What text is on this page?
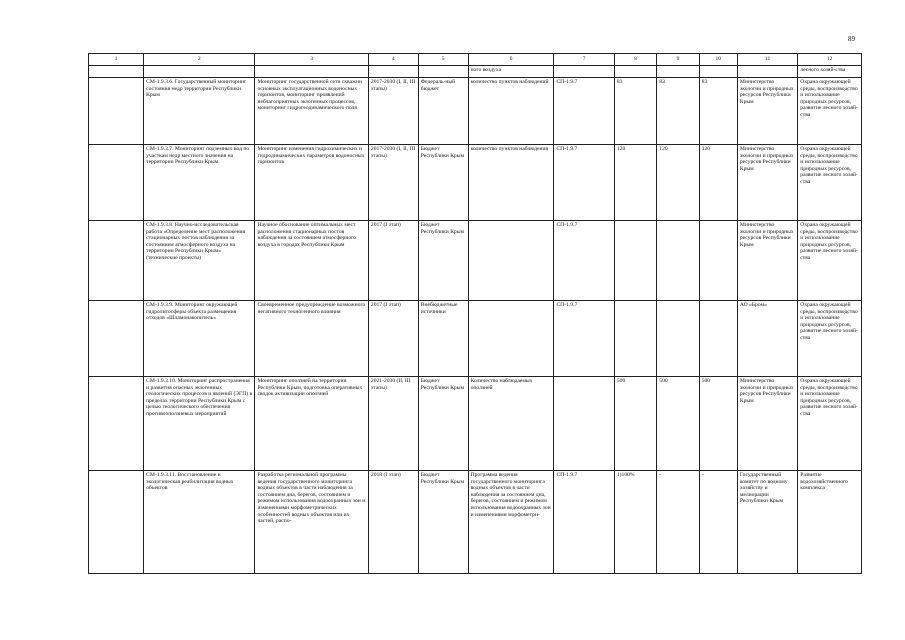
89
1	2	3	4	5	6	7	8	9	10	11	12
					ного воздуха						лесного хозяй-ства
	СМ-1.9.3.6. Государственный мониторинг состояния недр территории Республики Крым	Мониторинг государственной сети скважин основных эксплуатационных водоносных горизонтов, мониторинг проявлений неблагоприятных экзогенных процессов, мониторинг гидрогеодинамического поля	2017-2030 (I, II, III этапы)	Федераль-ный бюджет	количество пунктов наблюдений	СП-1.9.7	83	83	83	Министерство экологии и природных ресурсов Республики Крым	Охрана окружающей среды, воспроизводство и использование природных ресурсов, развитие лесного хозяй-ства
	СМ-1.9.3.7. Мониторинг подземных вод по участкам недр местного значения на территории Республики Крым	Мониторинг изменения гидрохимических и гидродинамических параметров водоносных горизонтов	2017-2030 (I, II, III этапы)	Бюджет Республики Крым	количество пунктов наблюдения	СП-1.9.7	120	120	120	Министерство экологии и природных ресурсов Республики Крым	Охрана окружающей среды, воспроизводство и использование природных ресурсов, развитие лесного хозяй-ства
	СМ-1.9.3.8. Научно-исследовательская работа «Определение мест расположения стационарных постов наблюдения за состоянием атмосферного воздуха на территории Республики Крым» (технические проекты)	Научное обоснование оптимальных мест расположения стационарных постов наблюдения за состоянием атмосферного воздуха в городах Республики Крым	2017 (I этап)	Бюджет Республики Крым		СП-1.9.7				Министерство экологии и природных ресурсов Республики Крым	Охрана окружающей среды, воспроизводство и использование природных ресурсов, развитие лесного хозяй-ства
	СМ-1.9.3.9. Мониторинг окружающей гидролитосферы объекта размещения отходов «Шламонакопитель»	Своевременное предупреждение возможного негативного техногенного влияния	2017 (I этап)	Внебюджетные источники		СП-1.9.7				АО «Бром»	Охрана окружающей среды, воспроизводство и использование природных ресурсов, развитие лесного хозяй-ства
	СМ-1.9.3.10. Мониторинг распространения и развития опасных экзогенных геологических процессов и явлений (ЭГП) в пределах территории Республики Крым с целью геологического обеспечения противооползневых мероприятий	Мониторинг оползней на территории Республики Крым, подготовка оперативных сводок активизации оползней	2021-2030 (II, III этапы)	Бюджет Республики Крым	Количество наблюдаемых оползней		500	500	500	Министерство экологии и природных ресурсов Республики Крым	Охрана окружающей среды, воспроизводство и использование природных ресурсов, развитие лесного хозяй-ства
	СМ-1.9.3.11. Восстановление и экологическая реабилитация водных объектов	Разработка региональной программы ведения государственного мониторинга водных объектов в части наблюдения за состоянием дна, берегов, состоянием и режимом использования водоохранных зон и изменениями морфометрических особенностей водных объектов или их частей, распо-	2018 (I этап)	Бюджет Республики Крым	Программа ведения государственного мониторинга водных объектов в части наблюдения за состоянием дна, берегов, состоянием и режимом использования водоохранных зон и изменениями морфометри-	СП-1.9.7	1)100%	-	-	Государственный комитет по водному хозяйству и мелиорации Республики Крым	Развитие водохозяйственного комплекса
